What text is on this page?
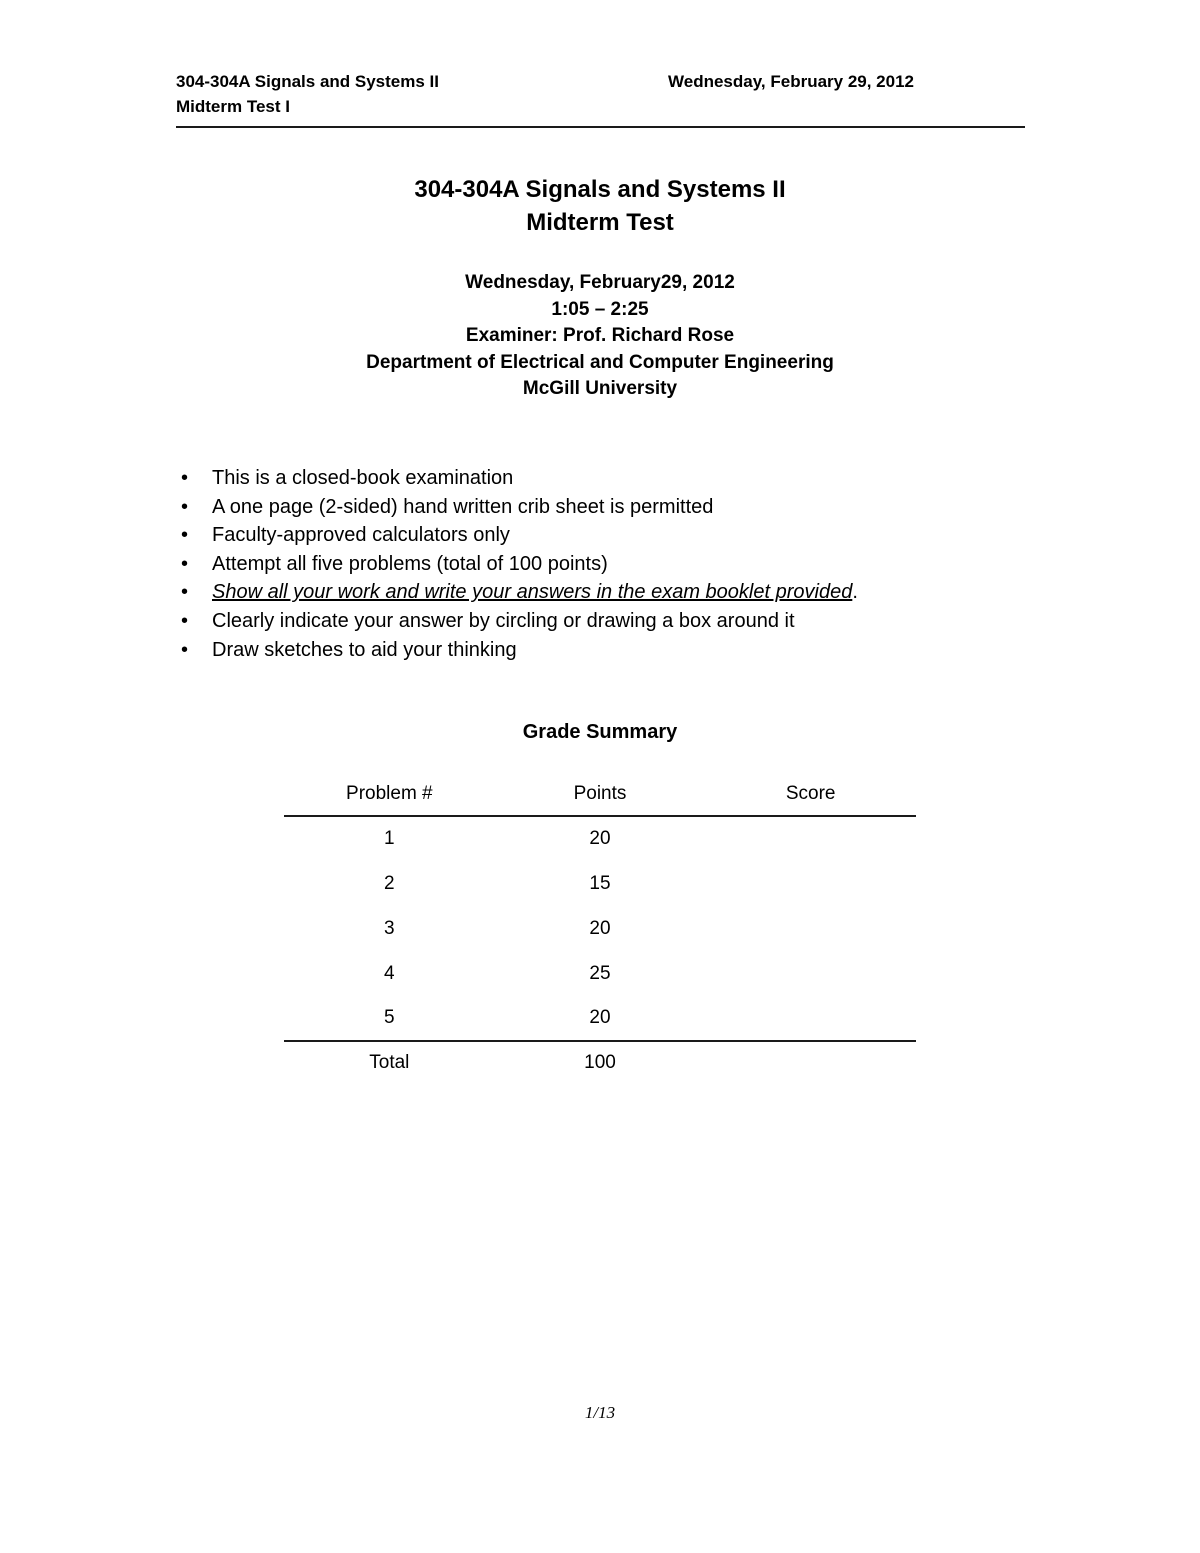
304-304A Signals and Systems II
Midterm Test I
Wednesday, February 29, 2012
304-304A Signals and Systems II
Midterm Test
Wednesday, February29, 2012
1:05 – 2:25
Examiner: Prof. Richard Rose
Department of Electrical and Computer Engineering
McGill University
• This is a closed-book examination
• A one page (2-sided) hand written crib sheet is permitted
• Faculty-approved calculators only
• Attempt all five problems (total of 100 points)
• Show all your work and write your answers in the exam booklet provided.
• Clearly indicate your answer by circling or drawing a box around it
• Draw sketches to aid your thinking
Grade Summary
Problem #	Points	Score
1	20	
2	15	
3	20	
4	25	
5	20	
Total	100	
1/13
